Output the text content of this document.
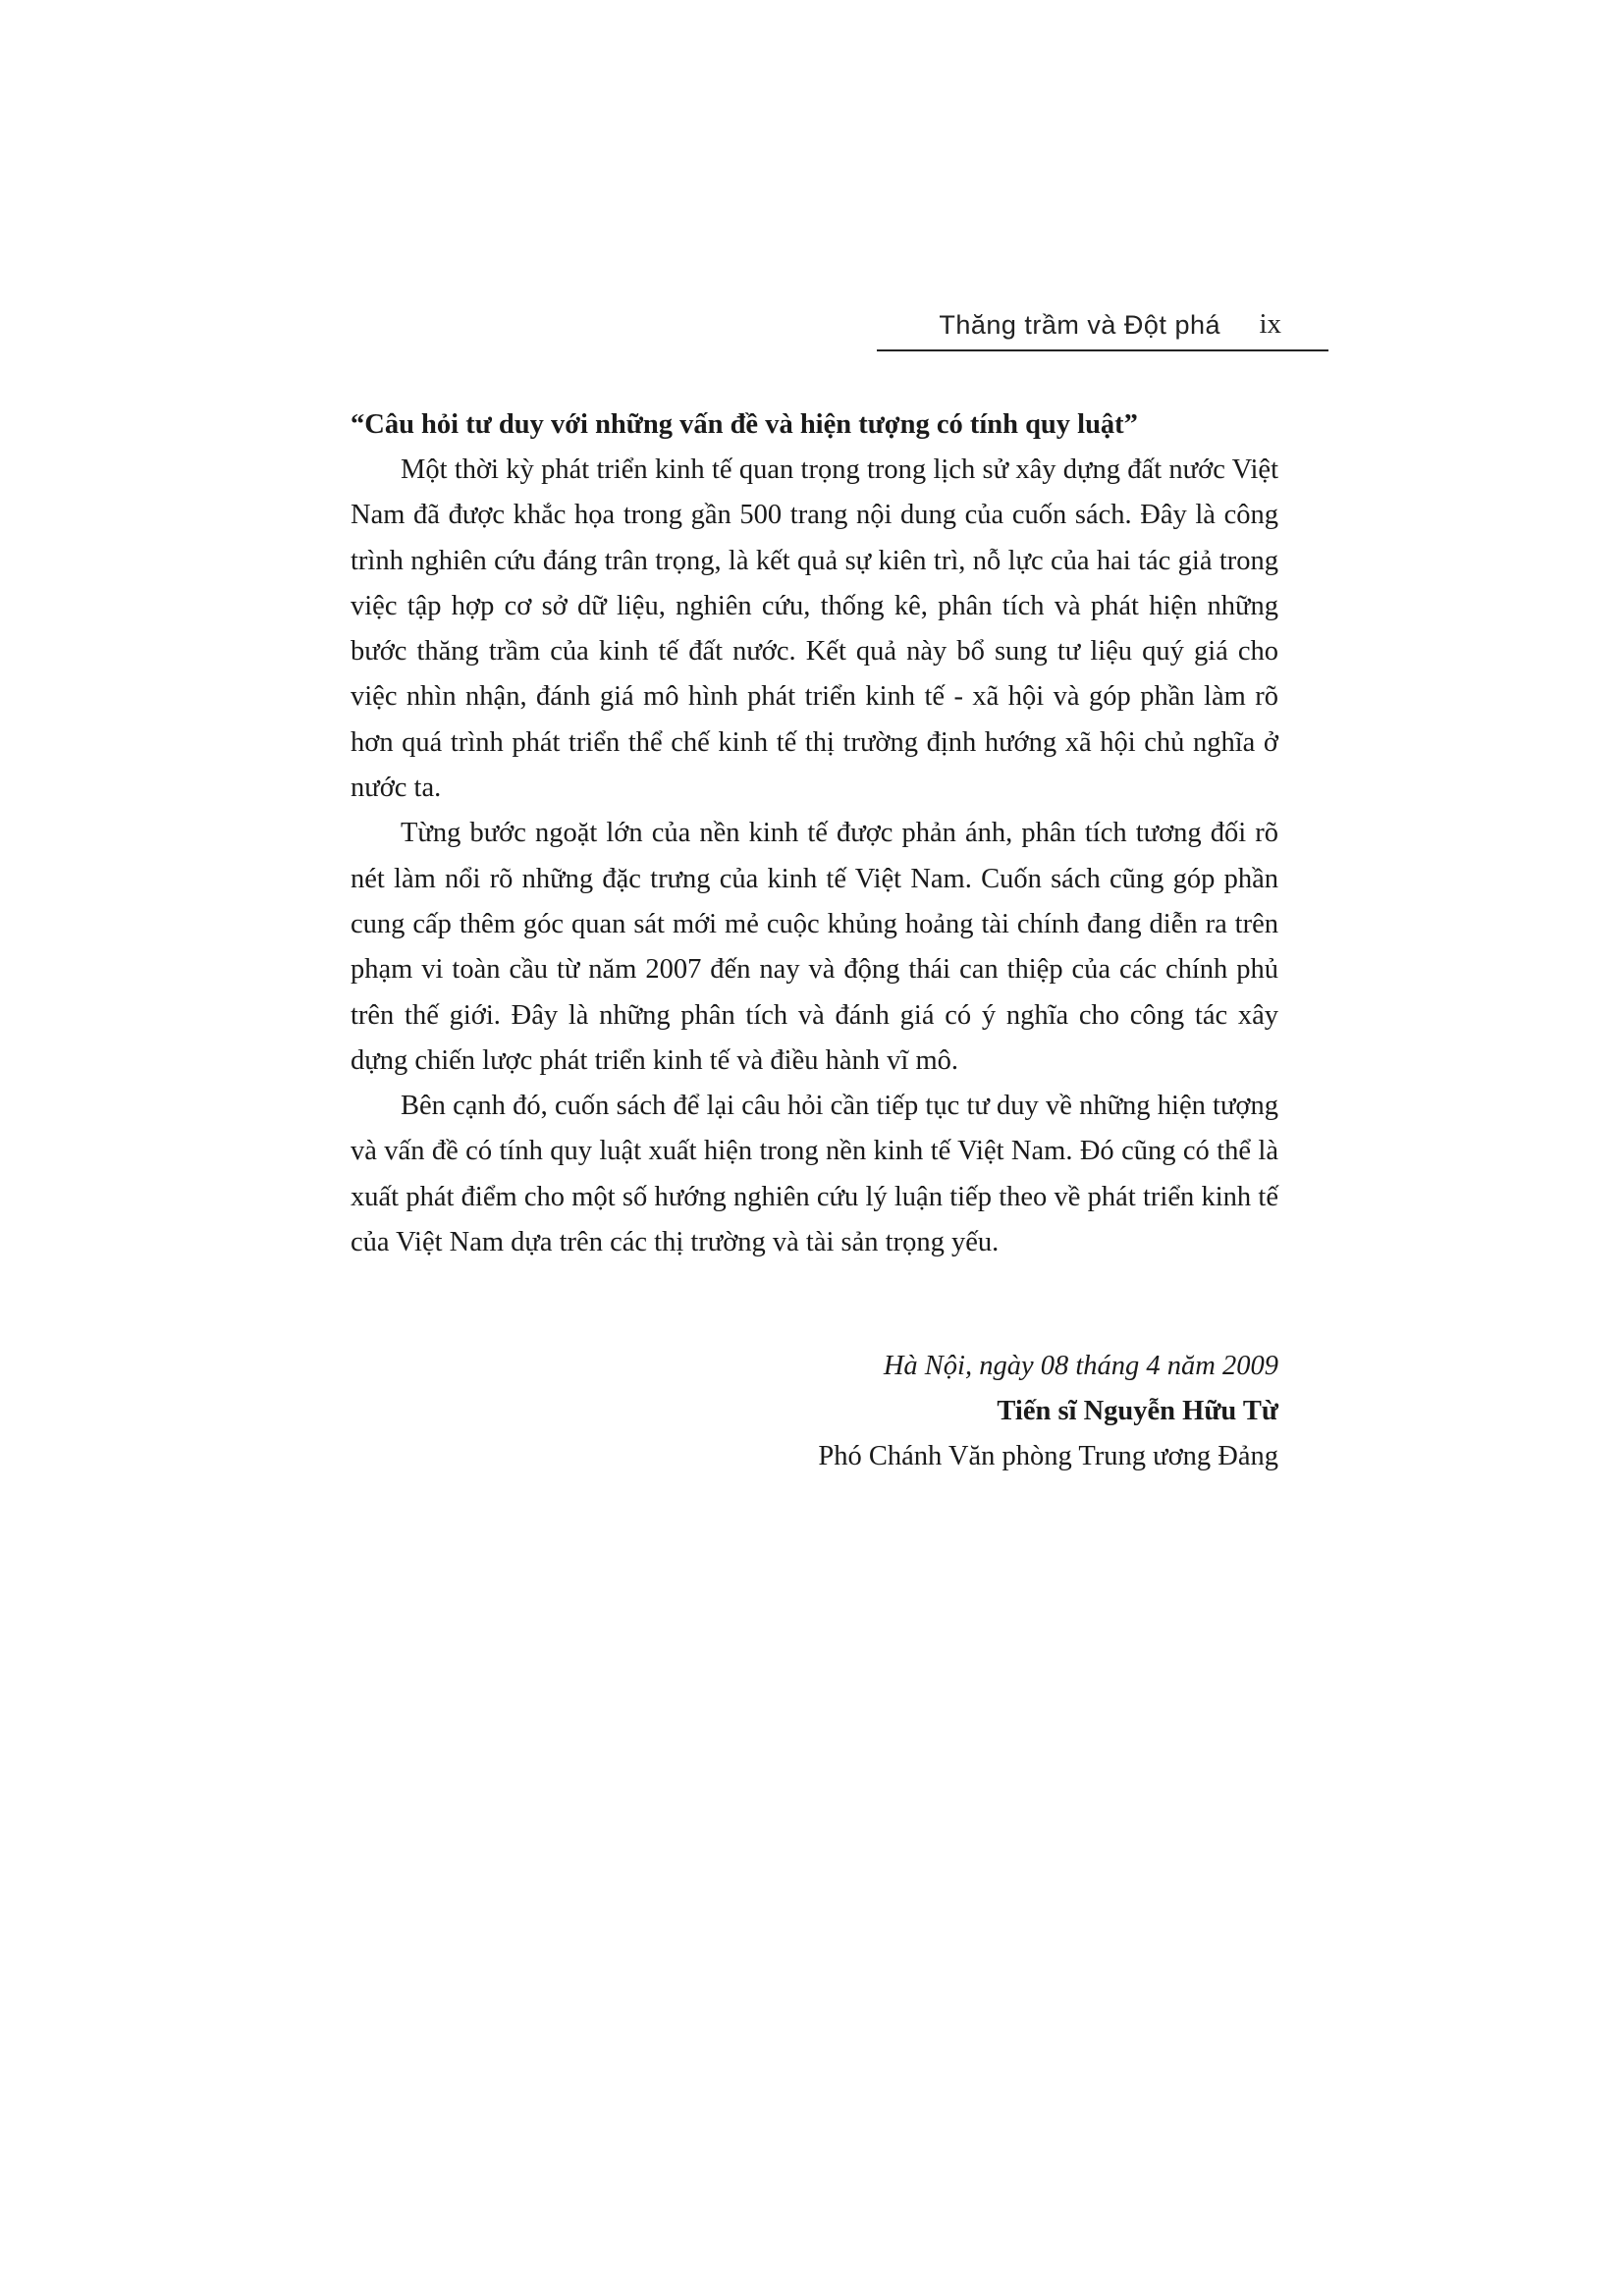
Thăng trầm và Đột phá ix
“Câu hỏi tư duy với những vấn đề và hiện tượng có tính quy luật”

Một thời kỳ phát triển kinh tế quan trọng trong lịch sử xây dựng đất nước Việt Nam đã được khắc họa trong gần 500 trang nội dung của cuốn sách. Đây là công trình nghiên cứu đáng trân trọng, là kết quả sự kiên trì, nỗ lực của hai tác giả trong việc tập hợp cơ sở dữ liệu, nghiên cứu, thống kê, phân tích và phát hiện những bước thăng trầm của kinh tế đất nước. Kết quả này bổ sung tư liệu quý giá cho việc nhìn nhận, đánh giá mô hình phát triển kinh tế - xã hội và góp phần làm rõ hơn quá trình phát triển thể chế kinh tế thị trường định hướng xã hội chủ nghĩa ở nước ta.

Từng bước ngoặt lớn của nền kinh tế được phản ánh, phân tích tương đối rõ nét làm nổi rõ những đặc trưng của kinh tế Việt Nam. Cuốn sách cũng góp phần cung cấp thêm góc quan sát mới mẻ cuộc khủng hoảng tài chính đang diễn ra trên phạm vi toàn cầu từ năm 2007 đến nay và động thái can thiệp của các chính phủ trên thế giới. Đây là những phân tích và đánh giá có ý nghĩa cho công tác xây dựng chiến lược phát triển kinh tế và điều hành vĩ mô.

Bên cạnh đó, cuốn sách để lại câu hỏi cần tiếp tục tư duy về những hiện tượng và vấn đề có tính quy luật xuất hiện trong nền kinh tế Việt Nam. Đó cũng có thể là xuất phát điểm cho một số hướng nghiên cứu lý luận tiếp theo về phát triển kinh tế của Việt Nam dựa trên các thị trường và tài sản trọng yếu.

Hà Nội, ngày 08 tháng 4 năm 2009
Tiến sĩ Nguyễn Hữu Từ
Phó Chánh Văn phòng Trung ương Đảng
